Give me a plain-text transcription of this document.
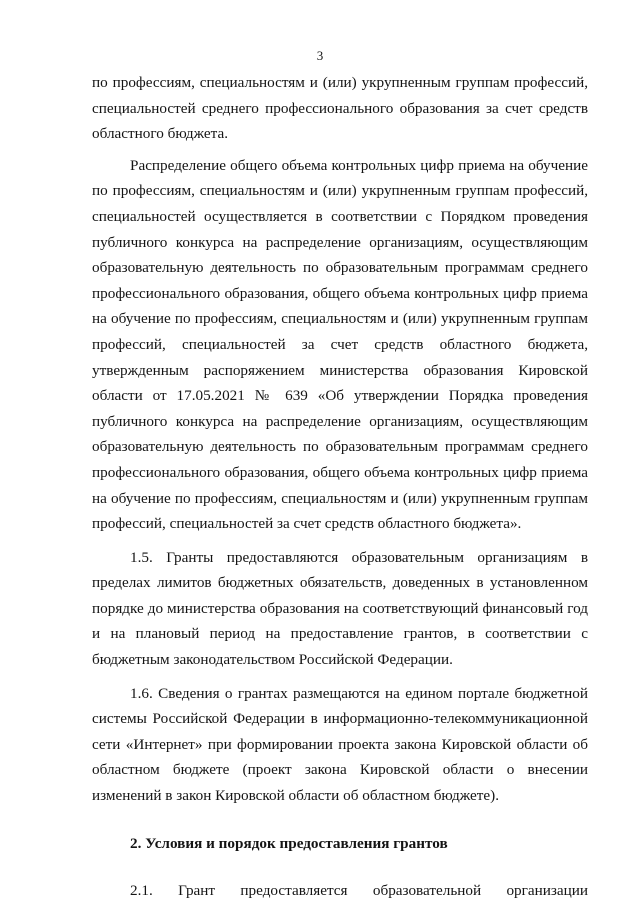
3

по профессиям, специальностям и (или) укрупненным группам профессий, специальностей среднего профессионального образования за счет средств областного бюджета.

Распределение общего объема контрольных цифр приема на обучение по профессиям, специальностям и (или) укрупненным группам профессий, специальностей осуществляется в соответствии с Порядком проведения публичного конкурса на распределение организациям, осуществляющим образовательную деятельность по образовательным программам среднего профессионального образования, общего объема контрольных цифр приема на обучение по профессиям, специальностям и (или) укрупненным группам профессий, специальностей за счет средств областного бюджета, утвержденным распоряжением министерства образования Кировской области от 17.05.2021 № 639 «Об утверждении Порядка проведения публичного конкурса на распределение организациям, осуществляющим образовательную деятельность по образовательным программам среднего профессионального образования, общего объема контрольных цифр приема на обучение по профессиям, специальностям и (или) укрупненным группам профессий, специальностей за счет средств областного бюджета».

1.5. Гранты предоставляются образовательным организациям в пределах лимитов бюджетных обязательств, доведенных в установленном порядке до министерства образования на соответствующий финансовый год и на плановый период на предоставление грантов, в соответствии с бюджетным законодательством Российской Федерации.

1.6. Сведения о грантах размещаются на едином портале бюджетной системы Российской Федерации в информационно-телекоммуникационной сети «Интернет» при формировании проекта закона Кировской области об областном бюджете (проект закона Кировской области о внесении изменений в закон Кировской области об областном бюджете).

2. Условия и порядок предоставления грантов

2.1. Грант предоставляется образовательной организации
